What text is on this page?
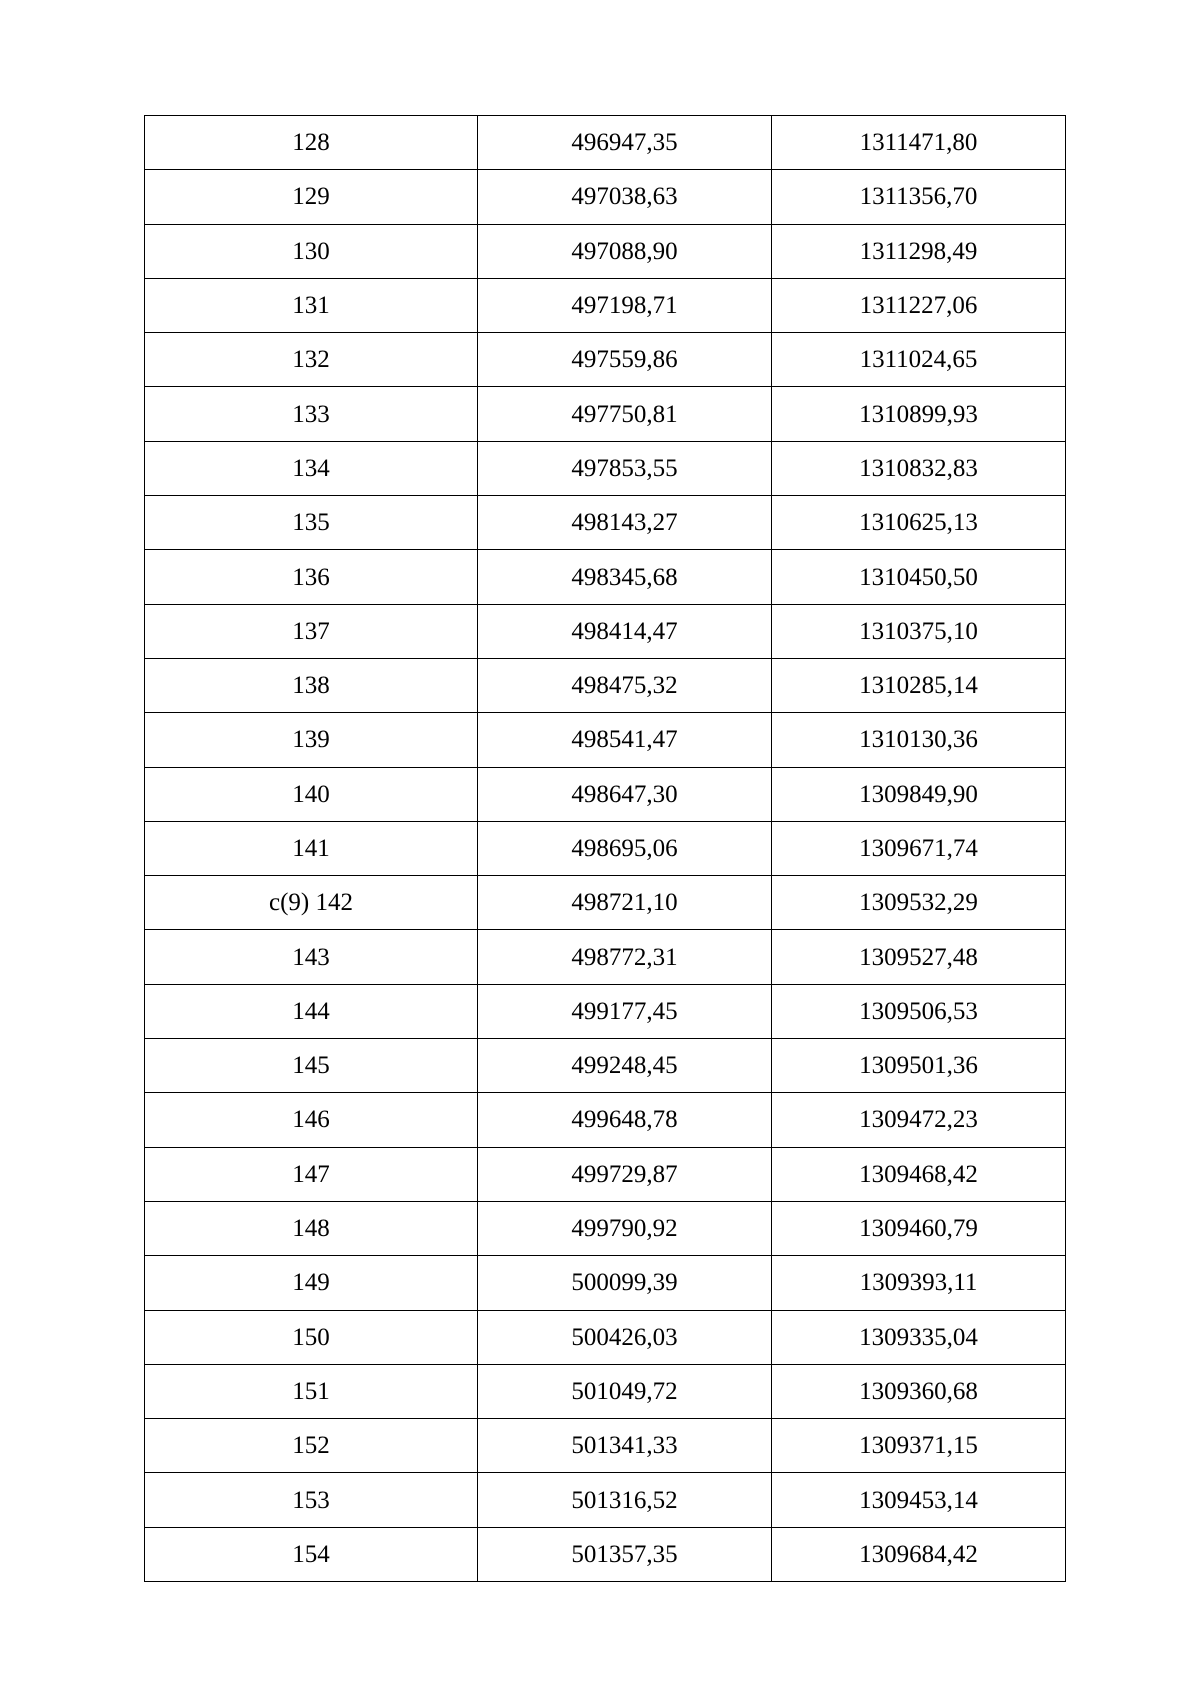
128	496947,35	1311471,80
129	497038,63	1311356,70
130	497088,90	1311298,49
131	497198,71	1311227,06
132	497559,86	1311024,65
133	497750,81	1310899,93
134	497853,55	1310832,83
135	498143,27	1310625,13
136	498345,68	1310450,50
137	498414,47	1310375,10
138	498475,32	1310285,14
139	498541,47	1310130,36
140	498647,30	1309849,90
141	498695,06	1309671,74
с(9) 142	498721,10	1309532,29
143	498772,31	1309527,48
144	499177,45	1309506,53
145	499248,45	1309501,36
146	499648,78	1309472,23
147	499729,87	1309468,42
148	499790,92	1309460,79
149	500099,39	1309393,11
150	500426,03	1309335,04
151	501049,72	1309360,68
152	501341,33	1309371,15
153	501316,52	1309453,14
154	501357,35	1309684,42
